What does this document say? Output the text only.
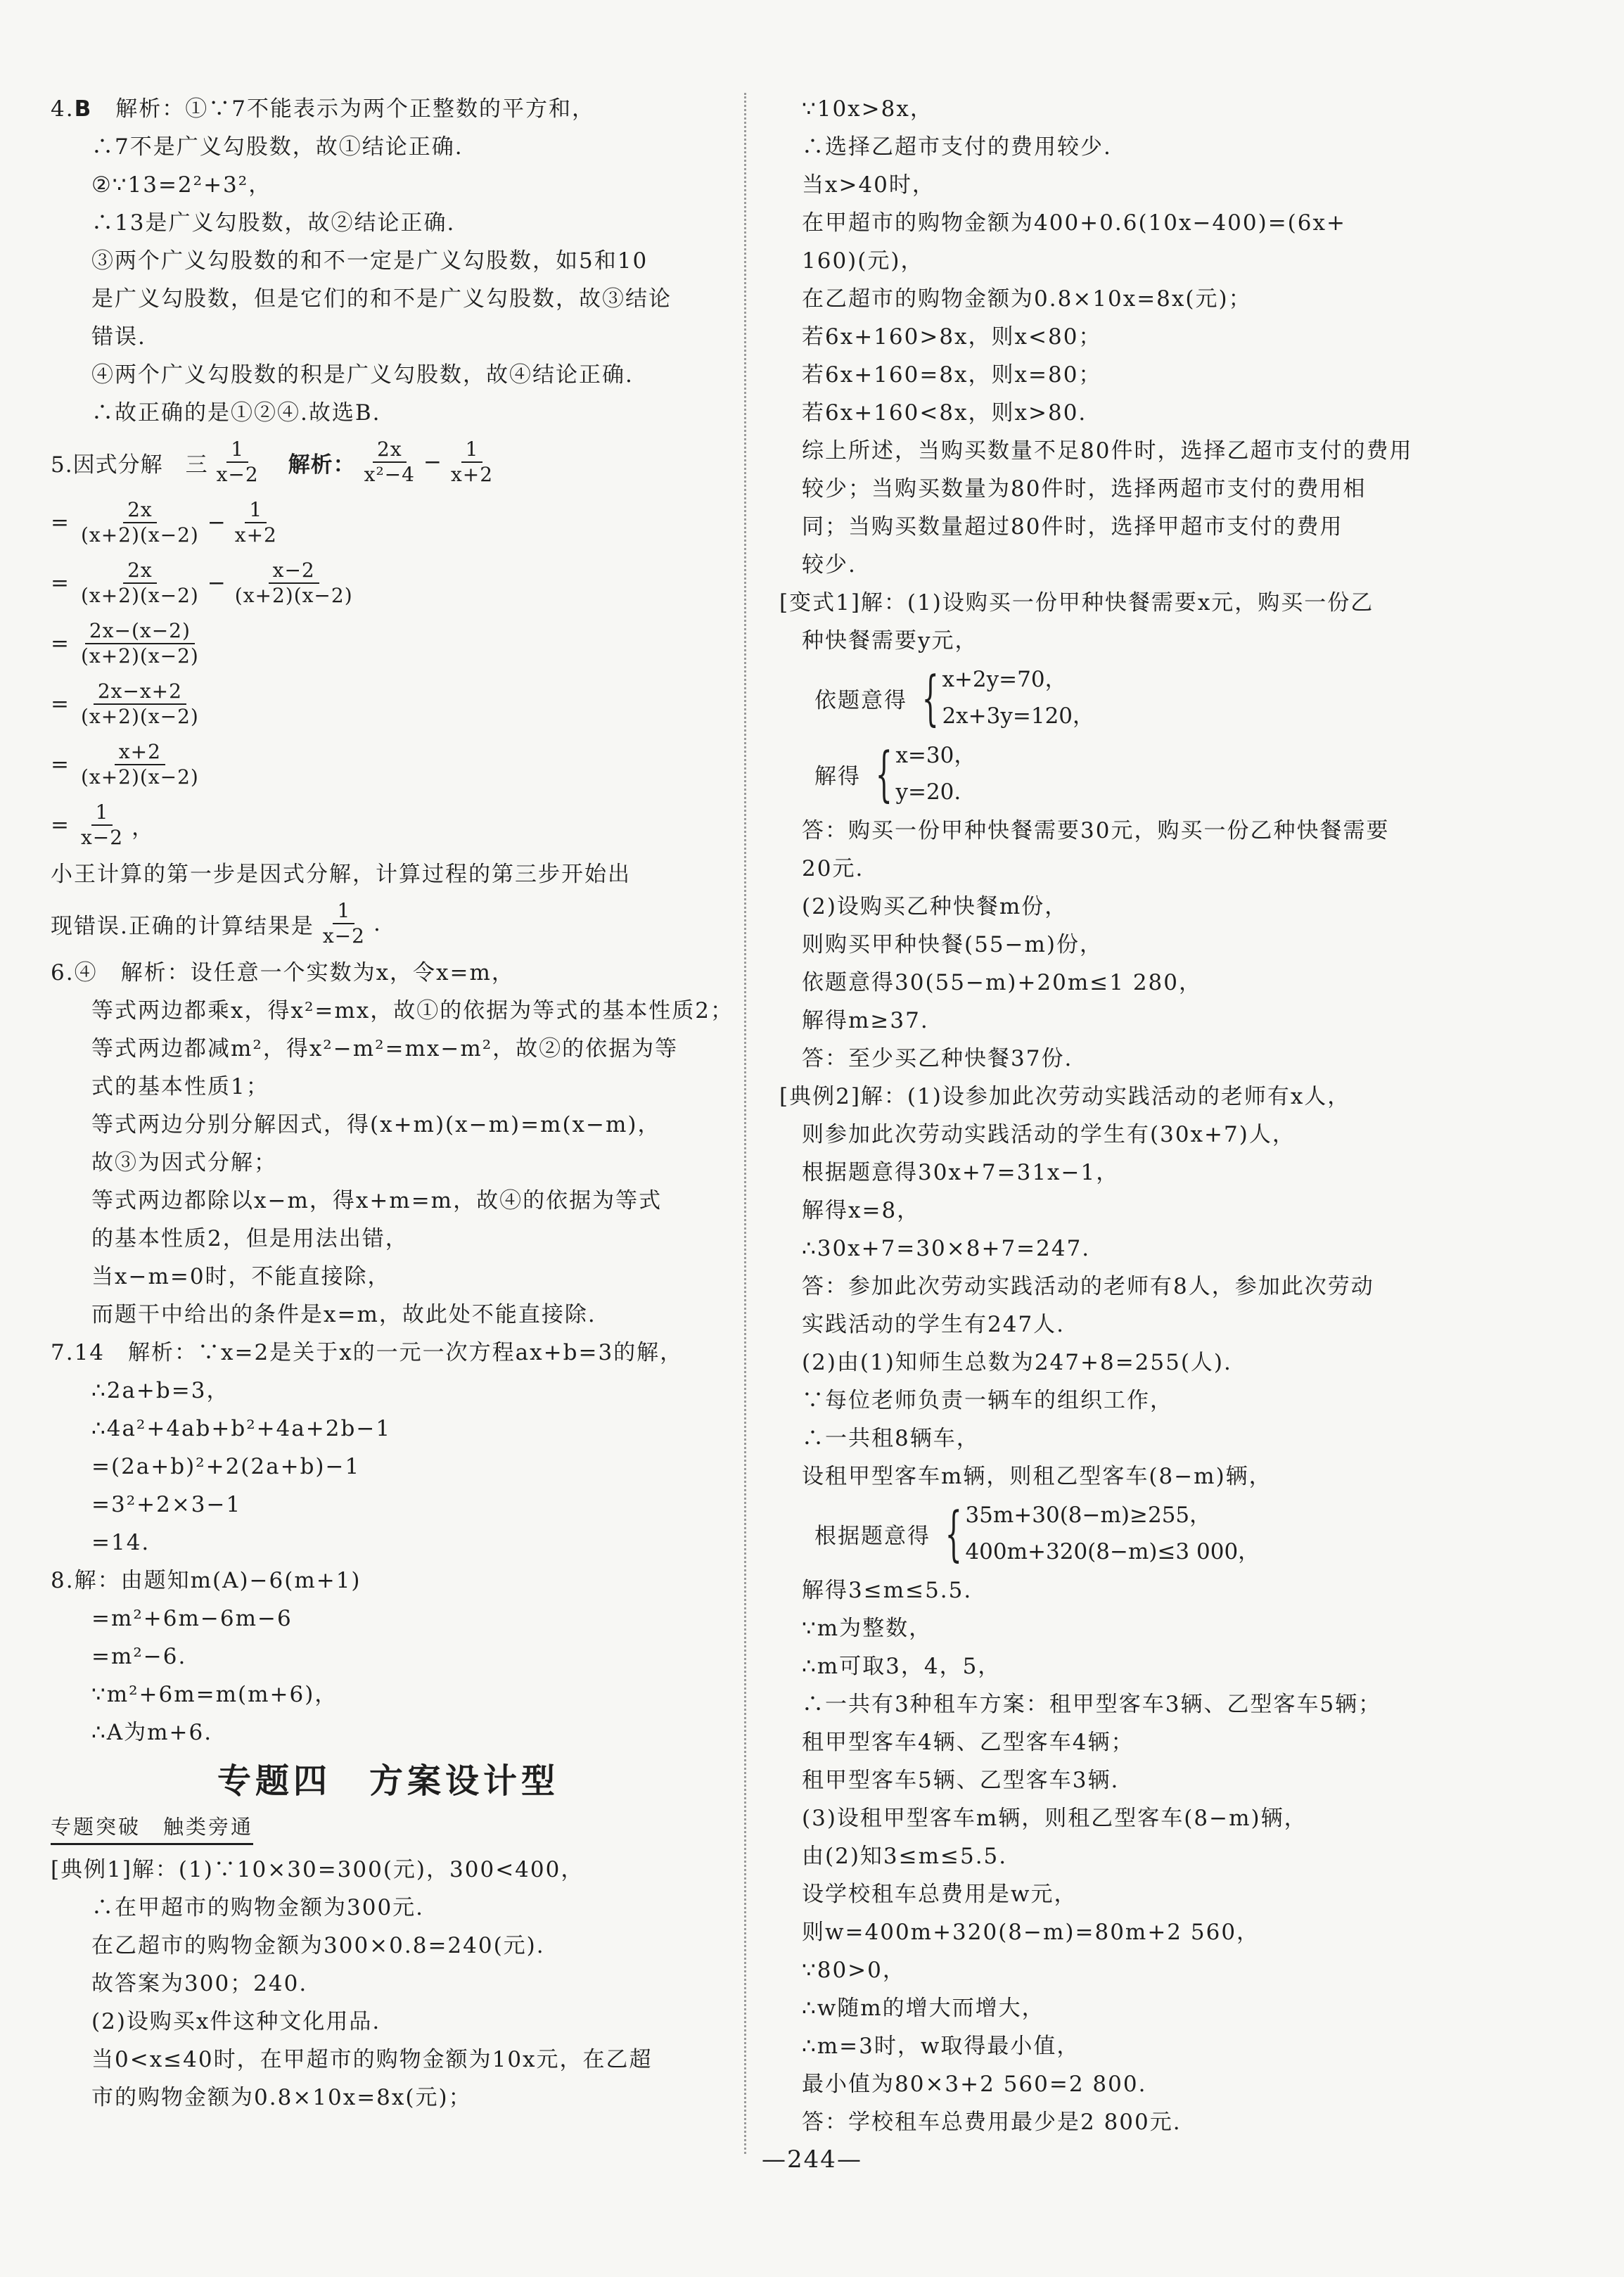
4.B　解析：①∵7不能表示为两个正整数的平方和，
∴7不是广义勾股数，故①结论正确.
②∵13=2²+3²，
∴13是广义勾股数，故②结论正确.
③两个广义勾股数的和不一定是广义勾股数，如5和10
是广义勾股数，但是它们的和不是广义勾股数，故③结论
错误.
④两个广义勾股数的积是广义勾股数，故④结论正确.
∴故正确的是①②④.故选B.
5.因式分解　三 $\frac{1}{x-2}$ 解析： $\frac{2x}{\text{x²−4}} - \frac{1}{x+2}$
= $\frac{2x}{(x+2)(x-2)} - \frac{1}{x+2}$
= $\frac{2x}{(x+2)(x-2)} - \frac{x-2}{(x+2)(x-2)}$
= $\frac{2x-(x-2)}{(x+2)(x-2)}$
= $\frac{2x-x+2}{(x+2)(x-2)}$
= $\frac{x+2}{(x+2)(x-2)}$
= $\frac{1}{x-2}$ ，
小王计算的第一步是因式分解，计算过程的第三步开始出
现错误.正确的计算结果是 $\frac{1}{x-2}$ .
6.④　解析：设任意一个实数为x，令x=m，
等式两边都乘x，得x²=mx，故①的依据为等式的基本性质2；
等式两边都减m²，得x²−m²=mx−m²，故②的依据为等
式的基本性质1；
等式两边分别分解因式，得(x+m)(x−m)=m(x−m)，
故③为因式分解；
等式两边都除以x−m，得x+m=m，故④的依据为等式
的基本性质2，但是用法出错，
当x−m=0时，不能直接除，
而题干中给出的条件是x=m，故此处不能直接除.
7.14　解析：∵x=2是关于x的一元一次方程ax+b=3的解，
∴2a+b=3，
∴4a²+4ab+b²+4a+2b−1
=(2a+b)²+2(2a+b)−1
=3²+2×3−1
=14.
8.解：由题知m(A)−6(m+1)
=m²+6m−6m−6
=m²−6.
∵m²+6m=m(m+6)，
∴A为m+6.
专题四　方案设计型
专题突破　触类旁通
[典例1]解：(1)∵10×30=300(元)，300<400，
∴在甲超市的购物金额为300元.
在乙超市的购物金额为300×0.8=240(元).
故答案为300；240.
(2)设购买x件这种文化用品.
当0<x≤40时，在甲超市的购物金额为10x元，在乙超
市的购物金额为0.8×10x=8x(元)；
∵10x>8x，
∴选择乙超市支付的费用较少.
当x>40时，
在甲超市的购物金额为400+0.6(10x−400)=(6x+
160)(元)，
在乙超市的购物金额为0.8×10x=8x(元)；
若6x+160>8x，则x<80；
若6x+160=8x，则x=80；
若6x+160<8x，则x>80.
综上所述，当购买数量不足80件时，选择乙超市支付的费用
较少；当购买数量为80件时，选择两超市支付的费用相
同；当购买数量超过80件时，选择甲超市支付的费用
较少.
[变式1]解：(1)设购买一份甲种快餐需要x元，购买一份乙
种快餐需要y元，
依题意得 { x+2y=70，
2x+3y=120，
解得 { x=30，
y=20.
答：购买一份甲种快餐需要30元，购买一份乙种快餐需要
20元.
(2)设购买乙种快餐m份，
则购买甲种快餐(55−m)份，
依题意得30(55−m)+20m≤1 280，
解得m≥37.
答：至少买乙种快餐37份.
[典例2]解：(1)设参加此次劳动实践活动的老师有x人，
则参加此次劳动实践活动的学生有(30x+7)人，
根据题意得30x+7=31x−1，
解得x=8，
∴30x+7=30×8+7=247.
答：参加此次劳动实践活动的老师有8人，参加此次劳动
实践活动的学生有247人.
(2)由(1)知师生总数为247+8=255(人).
∵每位老师负责一辆车的组织工作，
∴一共租8辆车，
设租甲型客车m辆，则租乙型客车(8−m)辆，
根据题意得 { 35m+30(8−m)≥255，
400m+320(8−m)≤3 000，
解得3≤m≤5.5.
∵m为整数，
∴m可取3，4，5，
∴一共有3种租车方案：租甲型客车3辆、乙型客车5辆；
租甲型客车4辆、乙型客车4辆；
租甲型客车5辆、乙型客车3辆.
(3)设租甲型客车m辆，则租乙型客车(8−m)辆，
由(2)知3≤m≤5.5.
设学校租车总费用是w元，
则w=400m+320(8−m)=80m+2 560，
∵80>0，
∴w随m的增大而增大，
∴m=3时，w取得最小值，
最小值为80×3+2 560=2 800.
答：学校租车总费用最少是2 800元.
—244—
